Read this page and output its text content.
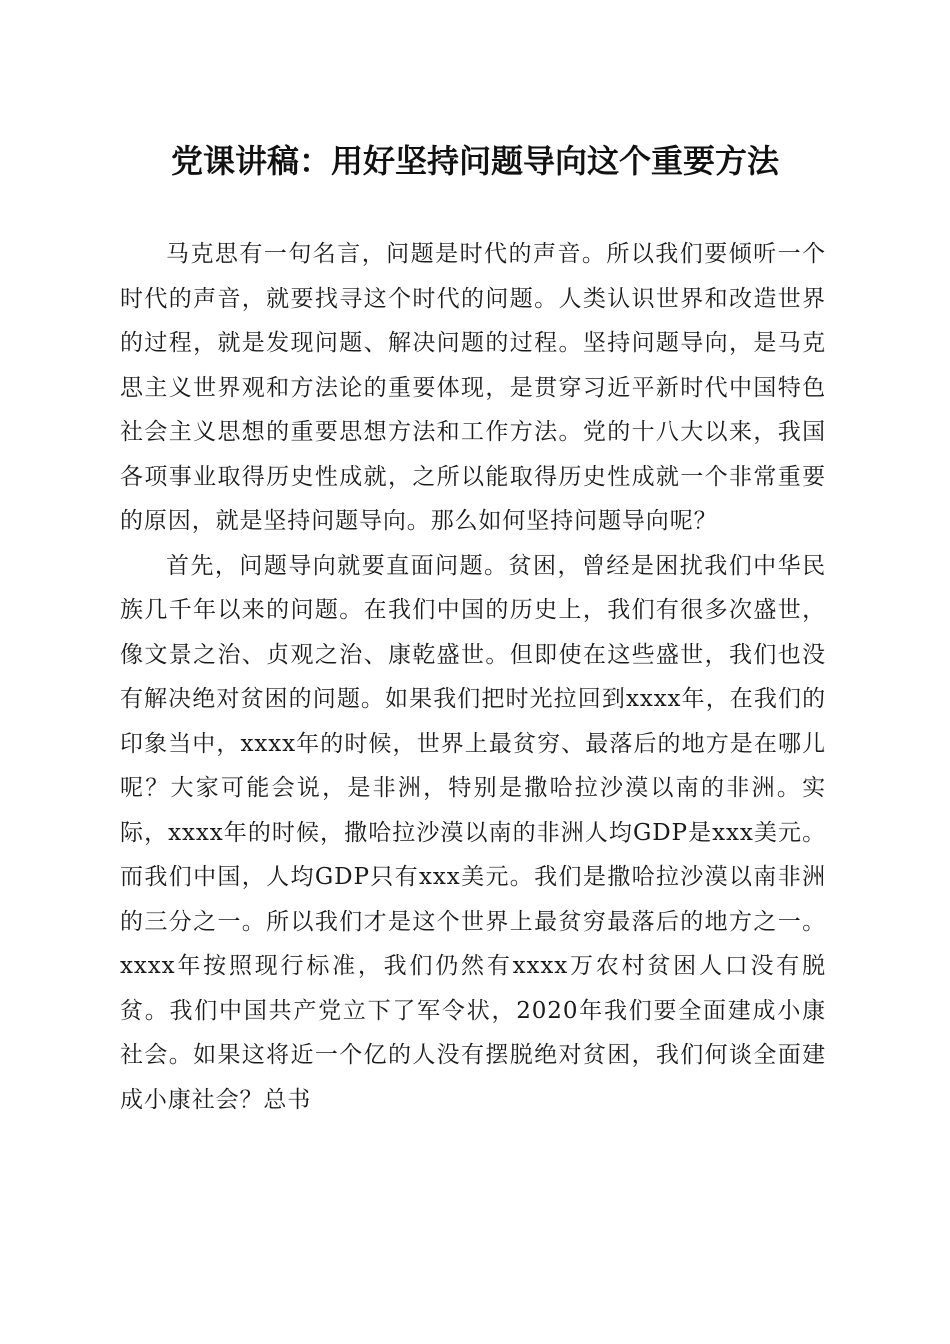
党课讲稿：用好坚持问题导向这个重要方法

马克思有一句名言，问题是时代的声音。所以我们要倾听一个时代的声音，就要找寻这个时代的问题。人类认识世界和改造世界的过程，就是发现问题、解决问题的过程。坚持问题导向，是马克思主义世界观和方法论的重要体现，是贯穿习近平新时代中国特色社会主义思想的重要思想方法和工作方法。党的十八大以来，我国各项事业取得历史性成就，之所以能取得历史性成就一个非常重要的原因，就是坚持问题导向。那么如何坚持问题导向呢？

首先，问题导向就要直面问题。贫困，曾经是困扰我们中华民族几千年以来的问题。在我们中国的历史上，我们有很多次盛世，像文景之治、贞观之治、康乾盛世。但即使在这些盛世，我们也没有解决绝对贫困的问题。如果我们把时光拉回到xxxx年，在我们的印象当中，xxxx年的时候，世界上最贫穷、最落后的地方是在哪儿呢？大家可能会说，是非洲，特别是撒哈拉沙漠以南的非洲。实际，xxxx年的时候，撒哈拉沙漠以南的非洲人均GDP是xxx美元。而我们中国，人均GDP只有xxx美元。我们是撒哈拉沙漠以南非洲的三分之一。所以我们才是这个世界上最贫穷最落后的地方之一。xxxx年按照现行标准，我们仍然有xxxx万农村贫困人口没有脱贫。我们中国共产党立下了军令状，2020年我们要全面建成小康社会。如果这将近一个亿的人没有摆脱绝对贫困，我们何谈全面建成小康社会？总书
